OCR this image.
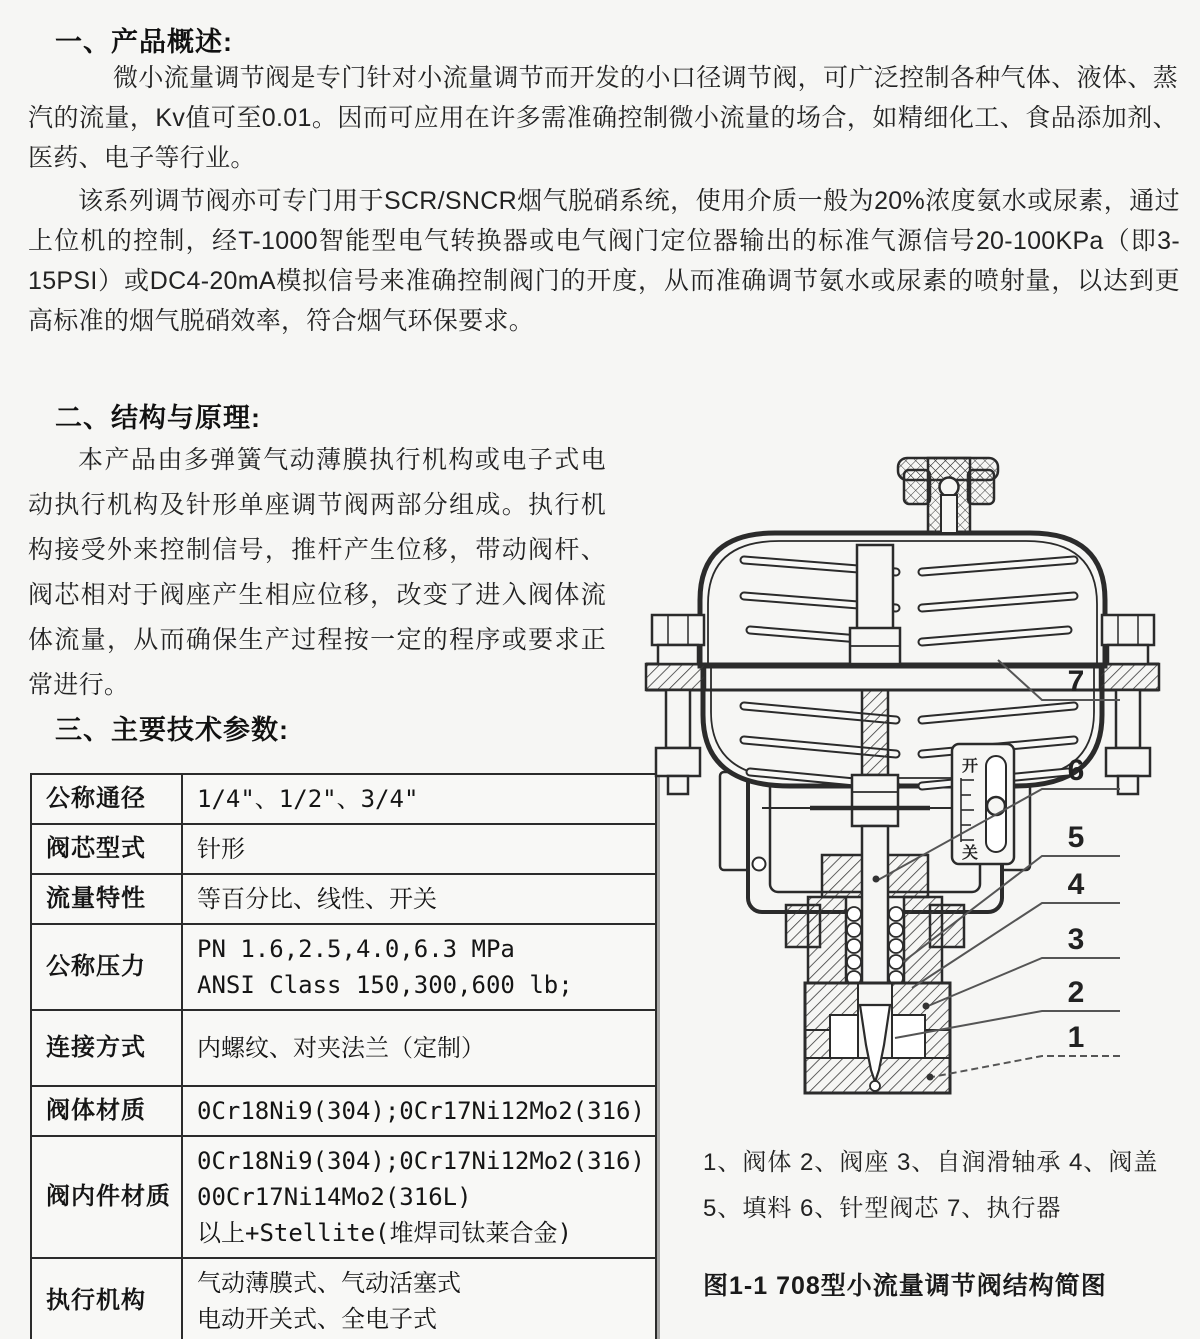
一、产品概述:
微小流量调节阀是专门针对小流量调节而开发的小口径调节阀，可广泛控制各种气体、液体、蒸汽的流量，Kv值可至0.01。因而可应用在许多需准确控制微小流量的场合，如精细化工、食品添加剂、医药、电子等行业。
该系列调节阀亦可专门用于SCR/SNCR烟气脱硝系统，使用介质一般为20%浓度氨水或尿素，通过上位机的控制，经T-1000智能型电气转换器或电气阀门定位器输出的标准气源信号20-100KPa（即3-15PSI）或DC4-20mA模拟信号来准确控制阀门的开度，从而准确调节氨水或尿素的喷射量，以达到更高标准的烟气脱硝效率，符合烟气环保要求。
二、结构与原理:
本产品由多弹簧气动薄膜执行机构或电子式电动执行机构及针形单座调节阀两部分组成。执行机构接受外来控制信号，推杆产生位移，带动阀杆、阀芯相对于阀座产生相应位移，改变了进入阀体流体流量，从而确保生产过程按一定的程序或要求正常进行。
三、主要技术参数:
公称通径	1/4"、1/2"、3/4"

阀芯型式	针形

流量特性	等百分比、线性、开关

公称压力	PN 1.6,2.5,4.0,6.3 MPa
ANSI Class 150,300,600 lb;

连接方式	内螺纹、对夹法兰（定制）

阀体材质	0Cr18Ni9(304);0Cr17Ni12Mo2(316)

阀内件材质	0Cr18Ni9(304);0Cr17Ni12Mo2(316)
00Cr17Ni14Mo2(316L)
以上+Stellite(堆焊司钛莱合金)

执行机构	气动薄膜式、气动活塞式
电动开关式、全电子式
开
关
7
6
5
4
3
2
1
1、阀体 2、阀座 3、自润滑轴承 4、阀盖
5、填料 6、针型阀芯 7、执行器
图1-1 708型小流量调节阀结构简图
